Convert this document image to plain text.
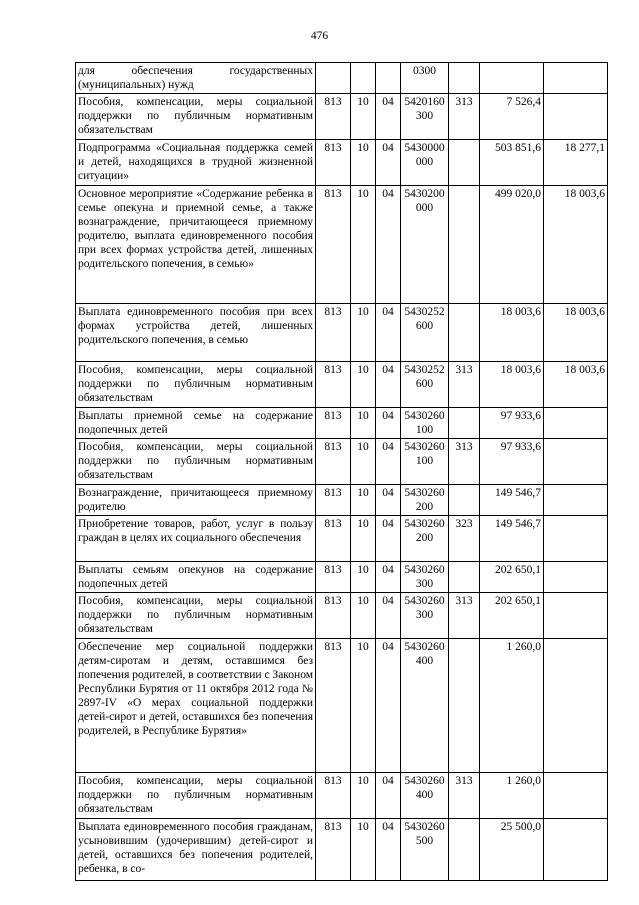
476
для обеспечения государственных (муниципальных) нужд				0300			
Пособия, компенсации, меры социальной поддержки по публичным нормативным обязательствам	813	10	04	5420160300	313	7 526,4	
Подпрограмма «Социальная поддержка семей и детей, находящихся в трудной жизненной ситуации»	813	10	04	5430000000		503 851,6	18 277,1
Основное мероприятие «Содержание ребенка в семье опекуна и приемной семье, а также вознаграждение, причитающееся приемному родителю, выплата единовременного пособия при всех формах устройства детей, лишенных родительского попечения, в семью»	813	10	04	5430200000		499 020,0	18 003,6
Выплата единовременного пособия при всех формах устройства детей, лишенных родительского попечения, в семью	813	10	04	5430252600		18 003,6	18 003,6
Пособия, компенсации, меры социальной поддержки по публичным нормативным обязательствам	813	10	04	5430252600	313	18 003,6	18 003,6
Выплаты приемной семье на содержание подопечных детей	813	10	04	5430260100		97 933,6	
Пособия, компенсации, меры социальной поддержки по публичным нормативным обязательствам	813	10	04	5430260100	313	97 933,6	
Вознаграждение, причитающееся приемному родителю	813	10	04	5430260200		149 546,7	
Приобретение товаров, работ, услуг в пользу граждан в целях их социального обеспечения	813	10	04	5430260200	323	149 546,7	
Выплаты семьям опекунов на содержание подопечных детей	813	10	04	5430260300		202 650,1	
Пособия, компенсации, меры социальной поддержки по публичным нормативным обязательствам	813	10	04	5430260300	313	202 650,1	
Обеспечение мер социальной поддержки детям-сиротам и детям, оставшимся без попечения родителей, в соответствии с Законом Республики Бурятия от 11 октября 2012 года № 2897-IV «О мерах социальной поддержки детей-сирот и детей, оставшихся без попечения родителей, в Республике Бурятия»	813	10	04	5430260400		1 260,0	
Пособия, компенсации, меры социальной поддержки по публичным нормативным обязательствам	813	10	04	5430260400	313	1 260,0	
Выплата единовременного пособия гражданам, усыновившим (удочерившим) детей-сирот и детей, оставшихся без попечения родителей, ребенка, в со-	813	10	04	5430260500		25 500,0	
